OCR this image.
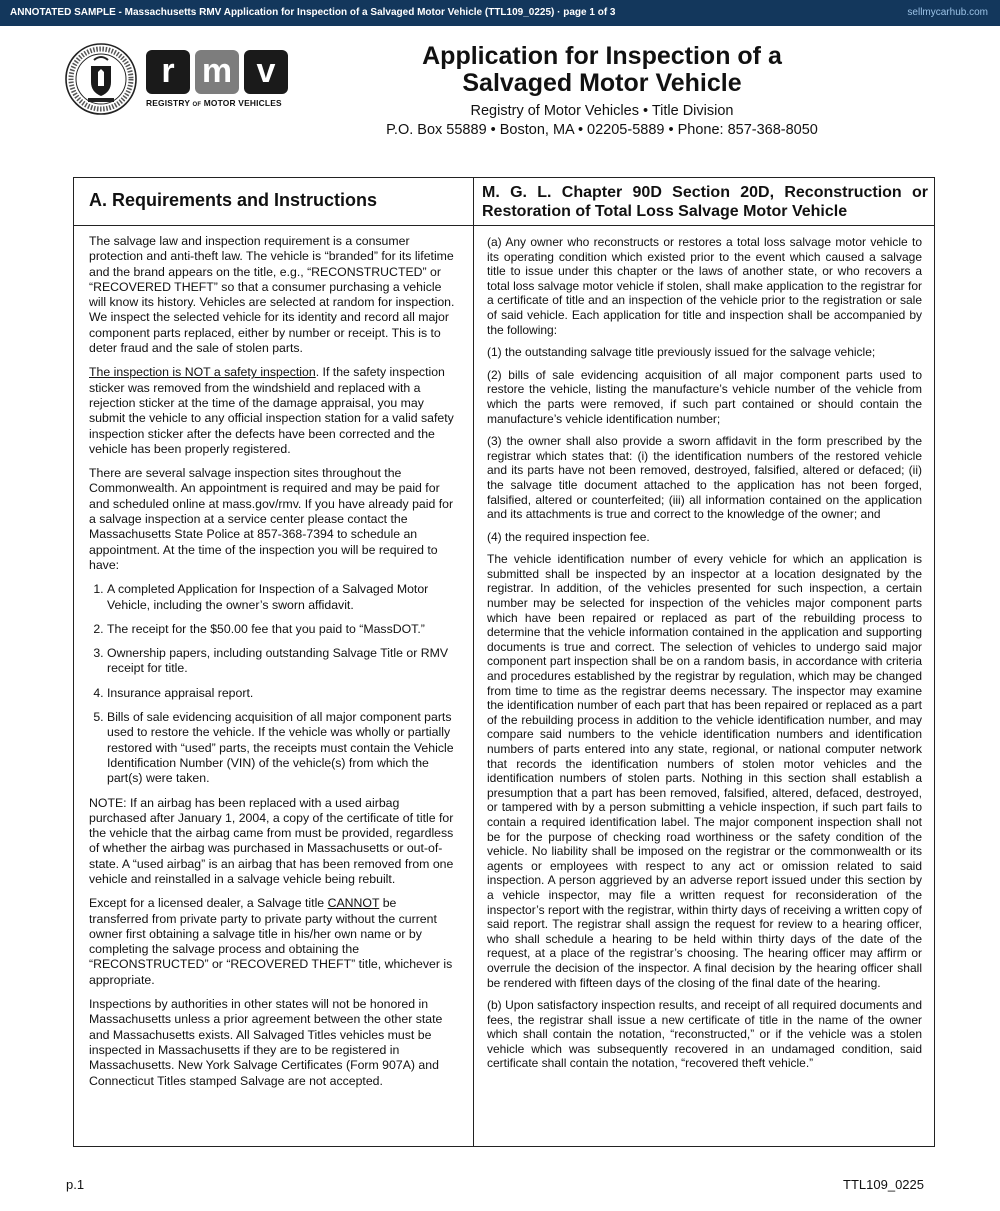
ANNOTATED SAMPLE - Massachusetts RMV Application for Inspection of a Salvaged Motor Vehicle (TTL109_0225) · page 1 of 3	sellmycarhub.com
r m v
REGISTRY OF MOTOR VEHICLES
Application for Inspection of a
Salvaged Motor Vehicle
Registry of Motor Vehicles • Title Division
P.O. Box 55889 • Boston, MA • 02205-5889 • Phone: 857-368-8050
A. Requirements and Instructions	M. G. L. Chapter 90D Section 20D, Reconstruction or Restoration of Total Loss Salvage Motor Vehicle

The salvage law and inspection requirement is a consumer protection and anti-theft law. The vehicle is “branded” for its lifetime and the brand appears on the title, e.g., “RECONSTRUCTED” or “RECOVERED THEFT” so that a consumer purchasing a vehicle will know its history. Vehicles are selected at random for inspection. We inspect the selected vehicle for its identity and record all major component parts replaced, either by number or receipt. This is to deter fraud and the sale of stolen parts.

The inspection is NOT a safety inspection. If the safety inspection sticker was removed from the windshield and replaced with a rejection sticker at the time of the damage appraisal, you may submit the vehicle to any official inspection station for a valid safety inspection sticker after the defects have been corrected and the vehicle has been properly registered.

There are several salvage inspection sites throughout the Commonwealth. An appointment is required and may be paid for and scheduled online at mass.gov/rmv. If you have already paid for a salvage inspection at a service center please contact the Massachusetts State Police at 857-368-7394 to schedule an appointment. At the time of the inspection you will be required to have:

1. A completed Application for Inspection of a Salvaged Motor Vehicle, including the owner’s sworn affidavit.
2. The receipt for the $50.00 fee that you paid to “MassDOT.”
3. Ownership papers, including outstanding Salvage Title or RMV receipt for title.
4. Insurance appraisal report.
5. Bills of sale evidencing acquisition of all major component parts used to restore the vehicle. If the vehicle was wholly or partially restored with “used” parts, the receipts must contain the Vehicle Identification Number (VIN) of the vehicle(s) from which the part(s) were taken.

NOTE: If an airbag has been replaced with a used airbag purchased after January 1, 2004, a copy of the certificate of title for the vehicle that the airbag came from must be provided, regardless of whether the airbag was purchased in Massachusetts or out-of-state. A “used airbag” is an airbag that has been removed from one vehicle and reinstalled in a salvage vehicle being rebuilt.

Except for a licensed dealer, a Salvage title CANNOT be transferred from private party to private party without the current owner first obtaining a salvage title in his/her own name or by completing the salvage process and obtaining the “RECONSTRUCTED” or “RECOVERED THEFT” title, whichever is appropriate.

Inspections by authorities in other states will not be honored in Massachusetts unless a prior agreement between the other state and Massachusetts exists. All Salvaged Titles vehicles must be inspected in Massachusetts if they are to be registered in Massachusetts. New York Salvage Certificates (Form 907A) and Connecticut Titles stamped Salvage are not accepted.

(a) Any owner who reconstructs or restores a total loss salvage motor vehicle to its operating condition which existed prior to the event which caused a salvage title to issue under this chapter or the laws of another state, or who recovers a total loss salvage motor vehicle if stolen, shall make application to the registrar for a certificate of title and an inspection of the vehicle prior to the registration or sale of said vehicle. Each application for title and inspection shall be accompanied by the following:

(1) the outstanding salvage title previously issued for the salvage vehicle;

(2) bills of sale evidencing acquisition of all major component parts used to restore the vehicle, listing the manufacture’s vehicle number of the vehicle from which the parts were removed, if such part contained or should contain the manufacture’s vehicle identification number;

(3) the owner shall also provide a sworn affidavit in the form prescribed by the registrar which states that: (i) the identification numbers of the restored vehicle and its parts have not been removed, destroyed, falsified, altered or defaced; (ii) the salvage title document attached to the application has not been forged, falsified, altered or counterfeited; (iii) all information contained on the application and its attachments is true and correct to the knowledge of the owner; and

(4) the required inspection fee.

The vehicle identification number of every vehicle for which an application is submitted shall be inspected by an inspector at a location designated by the registrar. In addition, of the vehicles presented for such inspection, a certain number may be selected for inspection of the vehicles major component parts which have been repaired or replaced as part of the rebuilding process to determine that the vehicle information contained in the application and supporting documents is true and correct. The selection of vehicles to undergo said major component part inspection shall be on a random basis, in accordance with criteria and procedures established by the registrar by regulation, which may be changed from time to time as the registrar deems necessary. The inspector may examine the identification number of each part that has been repaired or replaced as a part of the rebuilding process in addition to the vehicle identification number, and may compare said numbers to the vehicle identification numbers and identification numbers of parts entered into any state, regional, or national computer network that records the identification numbers of stolen motor vehicles and the identification numbers of stolen parts. Nothing in this section shall establish a presumption that a part has been removed, falsified, altered, defaced, destroyed, or tampered with by a person submitting a vehicle inspection, if such part fails to contain a required identification label. The major component inspection shall not be for the purpose of checking road worthiness or the safety condition of the vehicle. No liability shall be imposed on the registrar or the commonwealth or its agents or employees with respect to any act or omission related to said inspection. A person aggrieved by an adverse report issued under this section by a vehicle inspector, may file a written request for reconsideration of the inspector’s report with the registrar, within thirty days of receiving a written copy of said report. The registrar shall assign the request for review to a hearing officer, who shall schedule a hearing to be held within thirty days of the date of the request, at a place of the registrar’s choosing. The hearing officer may affirm or overrule the decision of the inspector. A final decision by the hearing officer shall be rendered with fifteen days of the closing of the final date of the hearing.

(b) Upon satisfactory inspection results, and receipt of all required documents and fees, the registrar shall issue a new certificate of title in the name of the owner which shall contain the notation, “reconstructed,” or if the vehicle was a stolen vehicle which was subsequently recovered in an undamaged condition, said certificate shall contain the notation, “recovered theft vehicle.”

p.1	TTL109_0225
